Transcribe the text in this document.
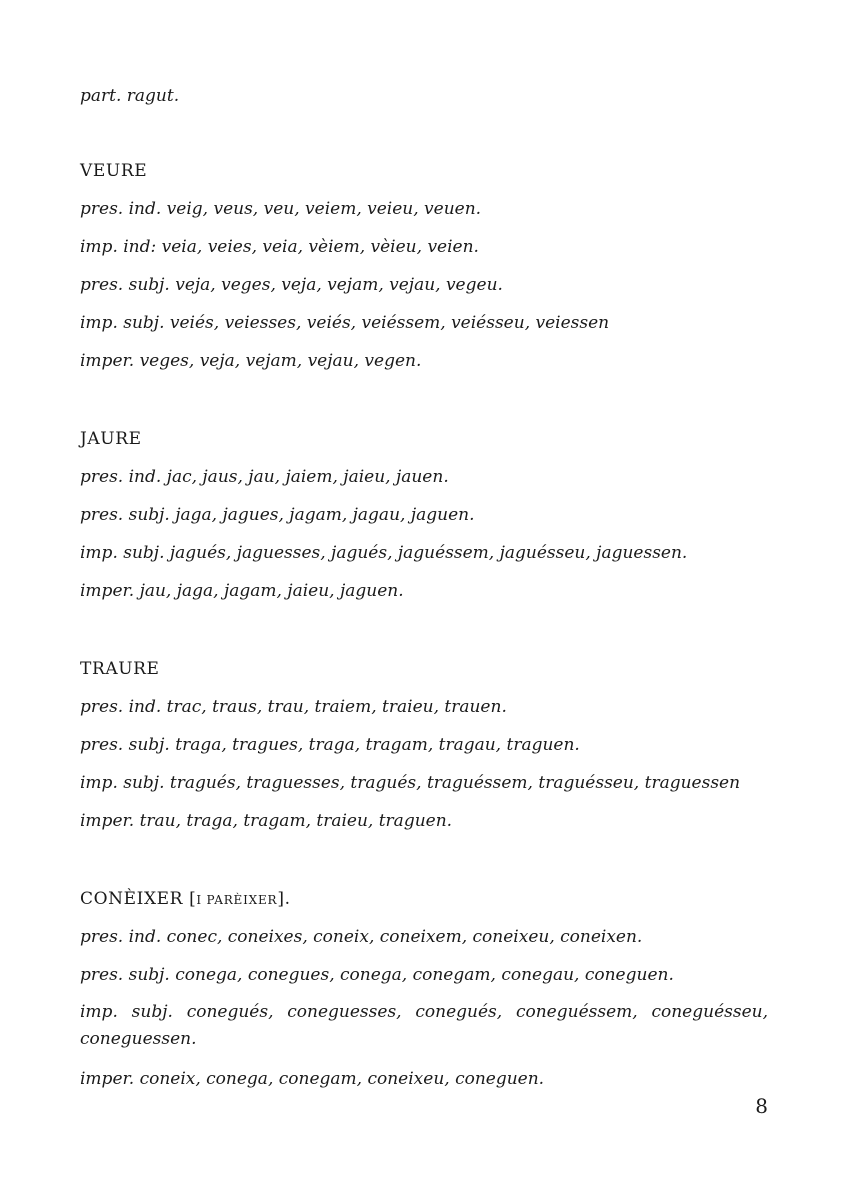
part. ragut.
VEURE
pres. ind. veig, veus, veu, veiem, veieu, veuen.
imp. ind: veia, veies, veia, vèiem, vèieu, veien.
pres. subj. veja, veges, veja, vejam, vejau, vegeu.
imp. subj. veiés, veiesses, veiés, veiéssem, veiésseu, veiessen
imper. veges, veja, vejam, vejau, vegen.
JAURE
pres. ind. jac, jaus, jau, jaiem, jaieu, jauen.
pres. subj. jaga, jagues, jagam, jagau, jaguen.
imp. subj. jagués, jaguesses, jagués, jaguéssem, jaguésseu, jaguessen.
imper. jau, jaga, jagam, jaieu, jaguen.
TRAURE
pres. ind. trac, traus, trau, traiem, traieu, trauen.
pres. subj. traga, tragues, traga, tragam, tragau, traguen.
imp. subj. tragués, traguesses, tragués, traguéssem, traguésseu, traguessen
imper. trau, traga, tragam, traieu, traguen.
CONÈIXER [I PARÈIXER].
pres. ind. conec, coneixes, coneix, coneixem, coneixeu, coneixen.
pres. subj. conega, conegues, conega, conegam, conegau, coneguen.
imp. subj. conegués, coneguesses, conegués, coneguéssem, coneguésseu, coneguessen.
imper. coneix, conega, conegam, coneixeu, coneguen.
8
